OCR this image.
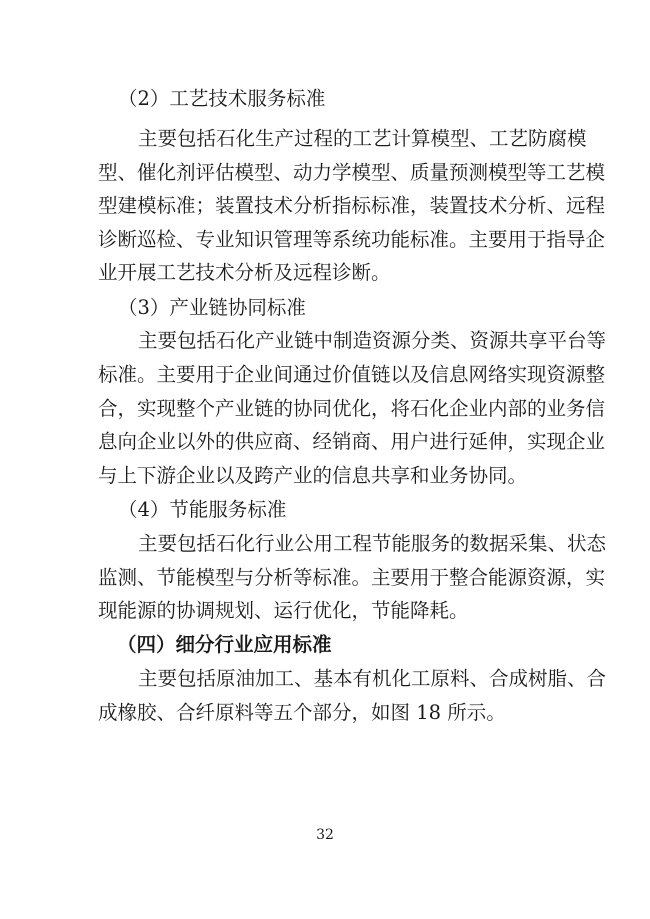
（2）工艺技术服务标准
主要包括石化生产过程的工艺计算模型、工艺防腐模
型、催化剂评估模型、动力学模型、质量预测模型等工艺模
型建模标准；装置技术分析指标标准，装置技术分析、远程
诊断巡检、专业知识管理等系统功能标准。主要用于指导企
业开展工艺技术分析及远程诊断。
（3）产业链协同标准
主要包括石化产业链中制造资源分类、资源共享平台等
标准。主要用于企业间通过价值链以及信息网络实现资源整
合，实现整个产业链的协同优化，将石化企业内部的业务信
息向企业以外的供应商、经销商、用户进行延伸，实现企业
与上下游企业以及跨产业的信息共享和业务协同。
（4）节能服务标准
主要包括石化行业公用工程节能服务的数据采集、状态
监测、节能模型与分析等标准。主要用于整合能源资源，实
现能源的协调规划、运行优化，节能降耗。
（四）细分行业应用标准
主要包括原油加工、基本有机化工原料、合成树脂、合
成橡胶、合纤原料等五个部分，如图 18 所示。
32
